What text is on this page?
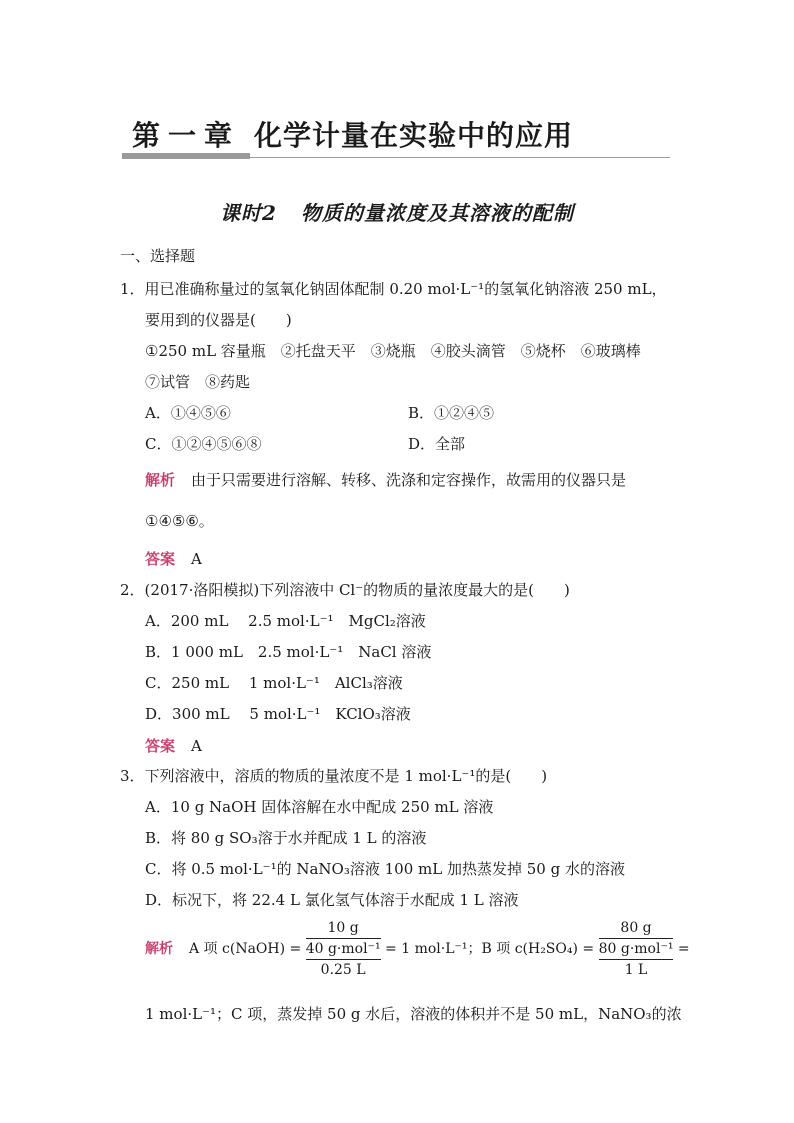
第一章 化学计量在实验中的应用
课时2 物质的量浓度及其溶液的配制
一、选择题
1．用已准确称量过的氢氧化钠固体配制 0.20 mol·L⁻¹的氢氧化钠溶液 250 mL，
要用到的仪器是(　　)
①250 mL 容量瓶　②托盘天平　③烧瓶　④胶头滴管　⑤烧杯　⑥玻璃棒
⑦试管　⑧药匙
A．①④⑤⑥	B．①②④⑤
C．①②④⑤⑥⑧	D．全部
解析 由于只需要进行溶解、转移、洗涤和定容操作，故需用的仪器只是
①④⑤⑥。
答案 A
2．(2017·洛阳模拟)下列溶液中 Cl⁻的物质的量浓度最大的是(　　)
A．200 mL　 2.5 mol·L⁻¹　MgCl₂溶液
B．1 000 mL　2.5 mol·L⁻¹　NaCl 溶液
C．250 mL　 1 mol·L⁻¹　AlCl₃溶液
D．300 mL　 5 mol·L⁻¹　KClO₃溶液
答案 A
3．下列溶液中，溶质的物质的量浓度不是 1 mol·L⁻¹的是(　　)
A．10 g NaOH 固体溶解在水中配成 250 mL 溶液
B．将 80 g SO₃溶于水并配成 1 L 的溶液
C．将 0.5 mol·L⁻¹的 NaNO₃溶液 100 mL 加热蒸发掉 50 g 水的溶液
D．标况下，将 22.4 L 氯化氢气体溶于水配成 1 L 溶液
解析 A 项 c(NaOH) = 10 g
40 g·mol⁻¹
0.25 L = 1 mol·L⁻¹；B 项 c(H₂SO₄) = 80 g
80 g·mol⁻¹
1 L =
1 mol·L⁻¹；C 项，蒸发掉 50 g 水后，溶液的体积并不是 50 mL，NaNO₃的浓
